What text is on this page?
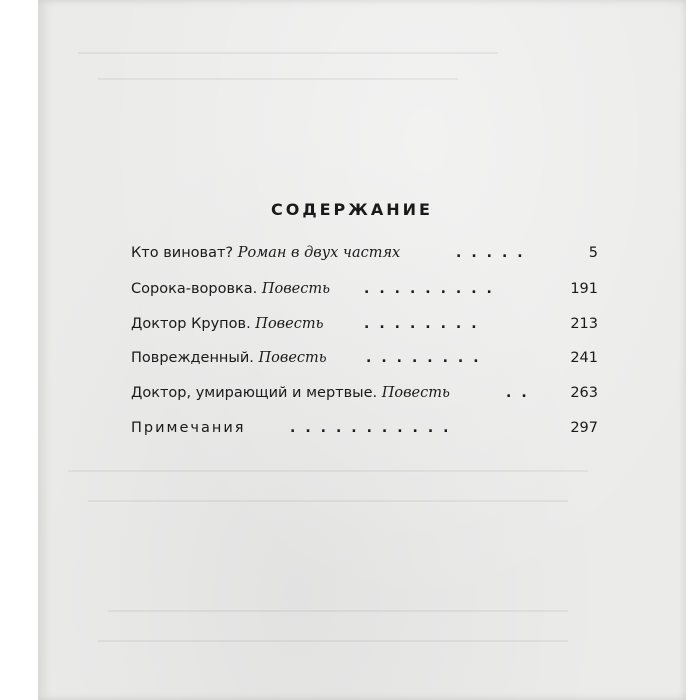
СОДЕРЖАНИЕ
Кто виноват? Роман в двух частях	.....	5
Сорока-воровка. Повесть .........	191
Доктор Крупов. Повесть	........	213
Поврежденный. Повесть	........	241
Доктор, умирающий и мертвые. Повесть	.. 263
Примечания	...........	297
